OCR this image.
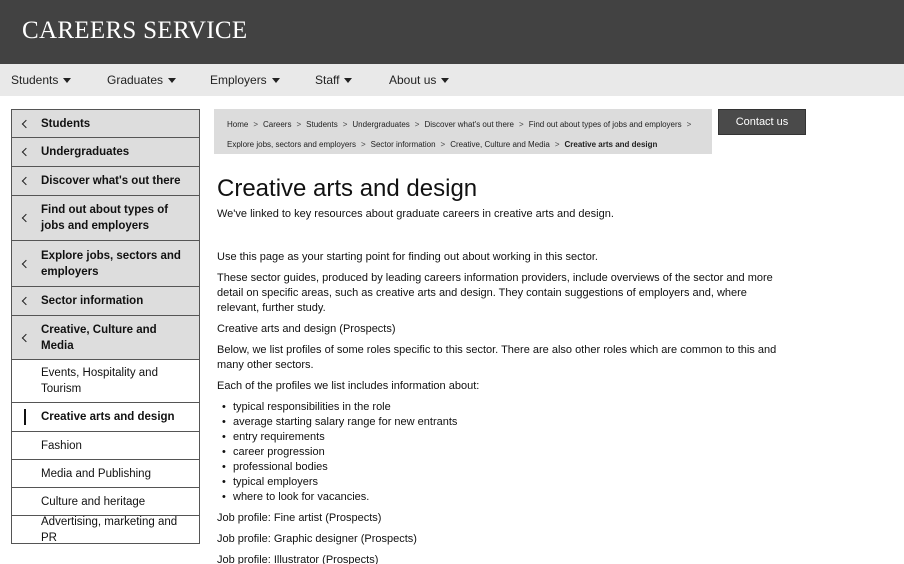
CAREERS SERVICE
Students	Graduates	Employers	Staff	About us
Students
Undergraduates
Discover what's out there
Find out about types of jobs and employers
Explore jobs, sectors and employers
Sector information
Creative, Culture and Media
Events, Hospitality and Tourism
Creative arts and design
Fashion
Media and Publishing
Culture and heritage
Advertising, marketing and PR
Home > Careers > Students > Undergraduates > Discover what's out there > Find out about types of jobs and employers >
Explore jobs, sectors and employers > Sector information > Creative, Culture and Media > Creative arts and design
Contact us
Creative arts and design

We've linked to key resources about graduate careers in creative arts and design.

Use this page as your starting point for finding out about working in this sector.

These sector guides, produced by leading careers information providers, include overviews of the sector and more detail on specific areas, such as creative arts and design. They contain suggestions of employers and, where relevant, further study.

Creative arts and design (Prospects)

Below, we list profiles of some roles specific to this sector. There are also other roles which are common to this and many other sectors.

Each of the profiles we list includes information about:

• typical responsibilities in the role
• average starting salary range for new entrants
• entry requirements
• career progression
• professional bodies
• typical employers
• where to look for vacancies.

Job profile: Fine artist (Prospects)

Job profile: Graphic designer (Prospects)

Job profile: Illustrator (Prospects)
